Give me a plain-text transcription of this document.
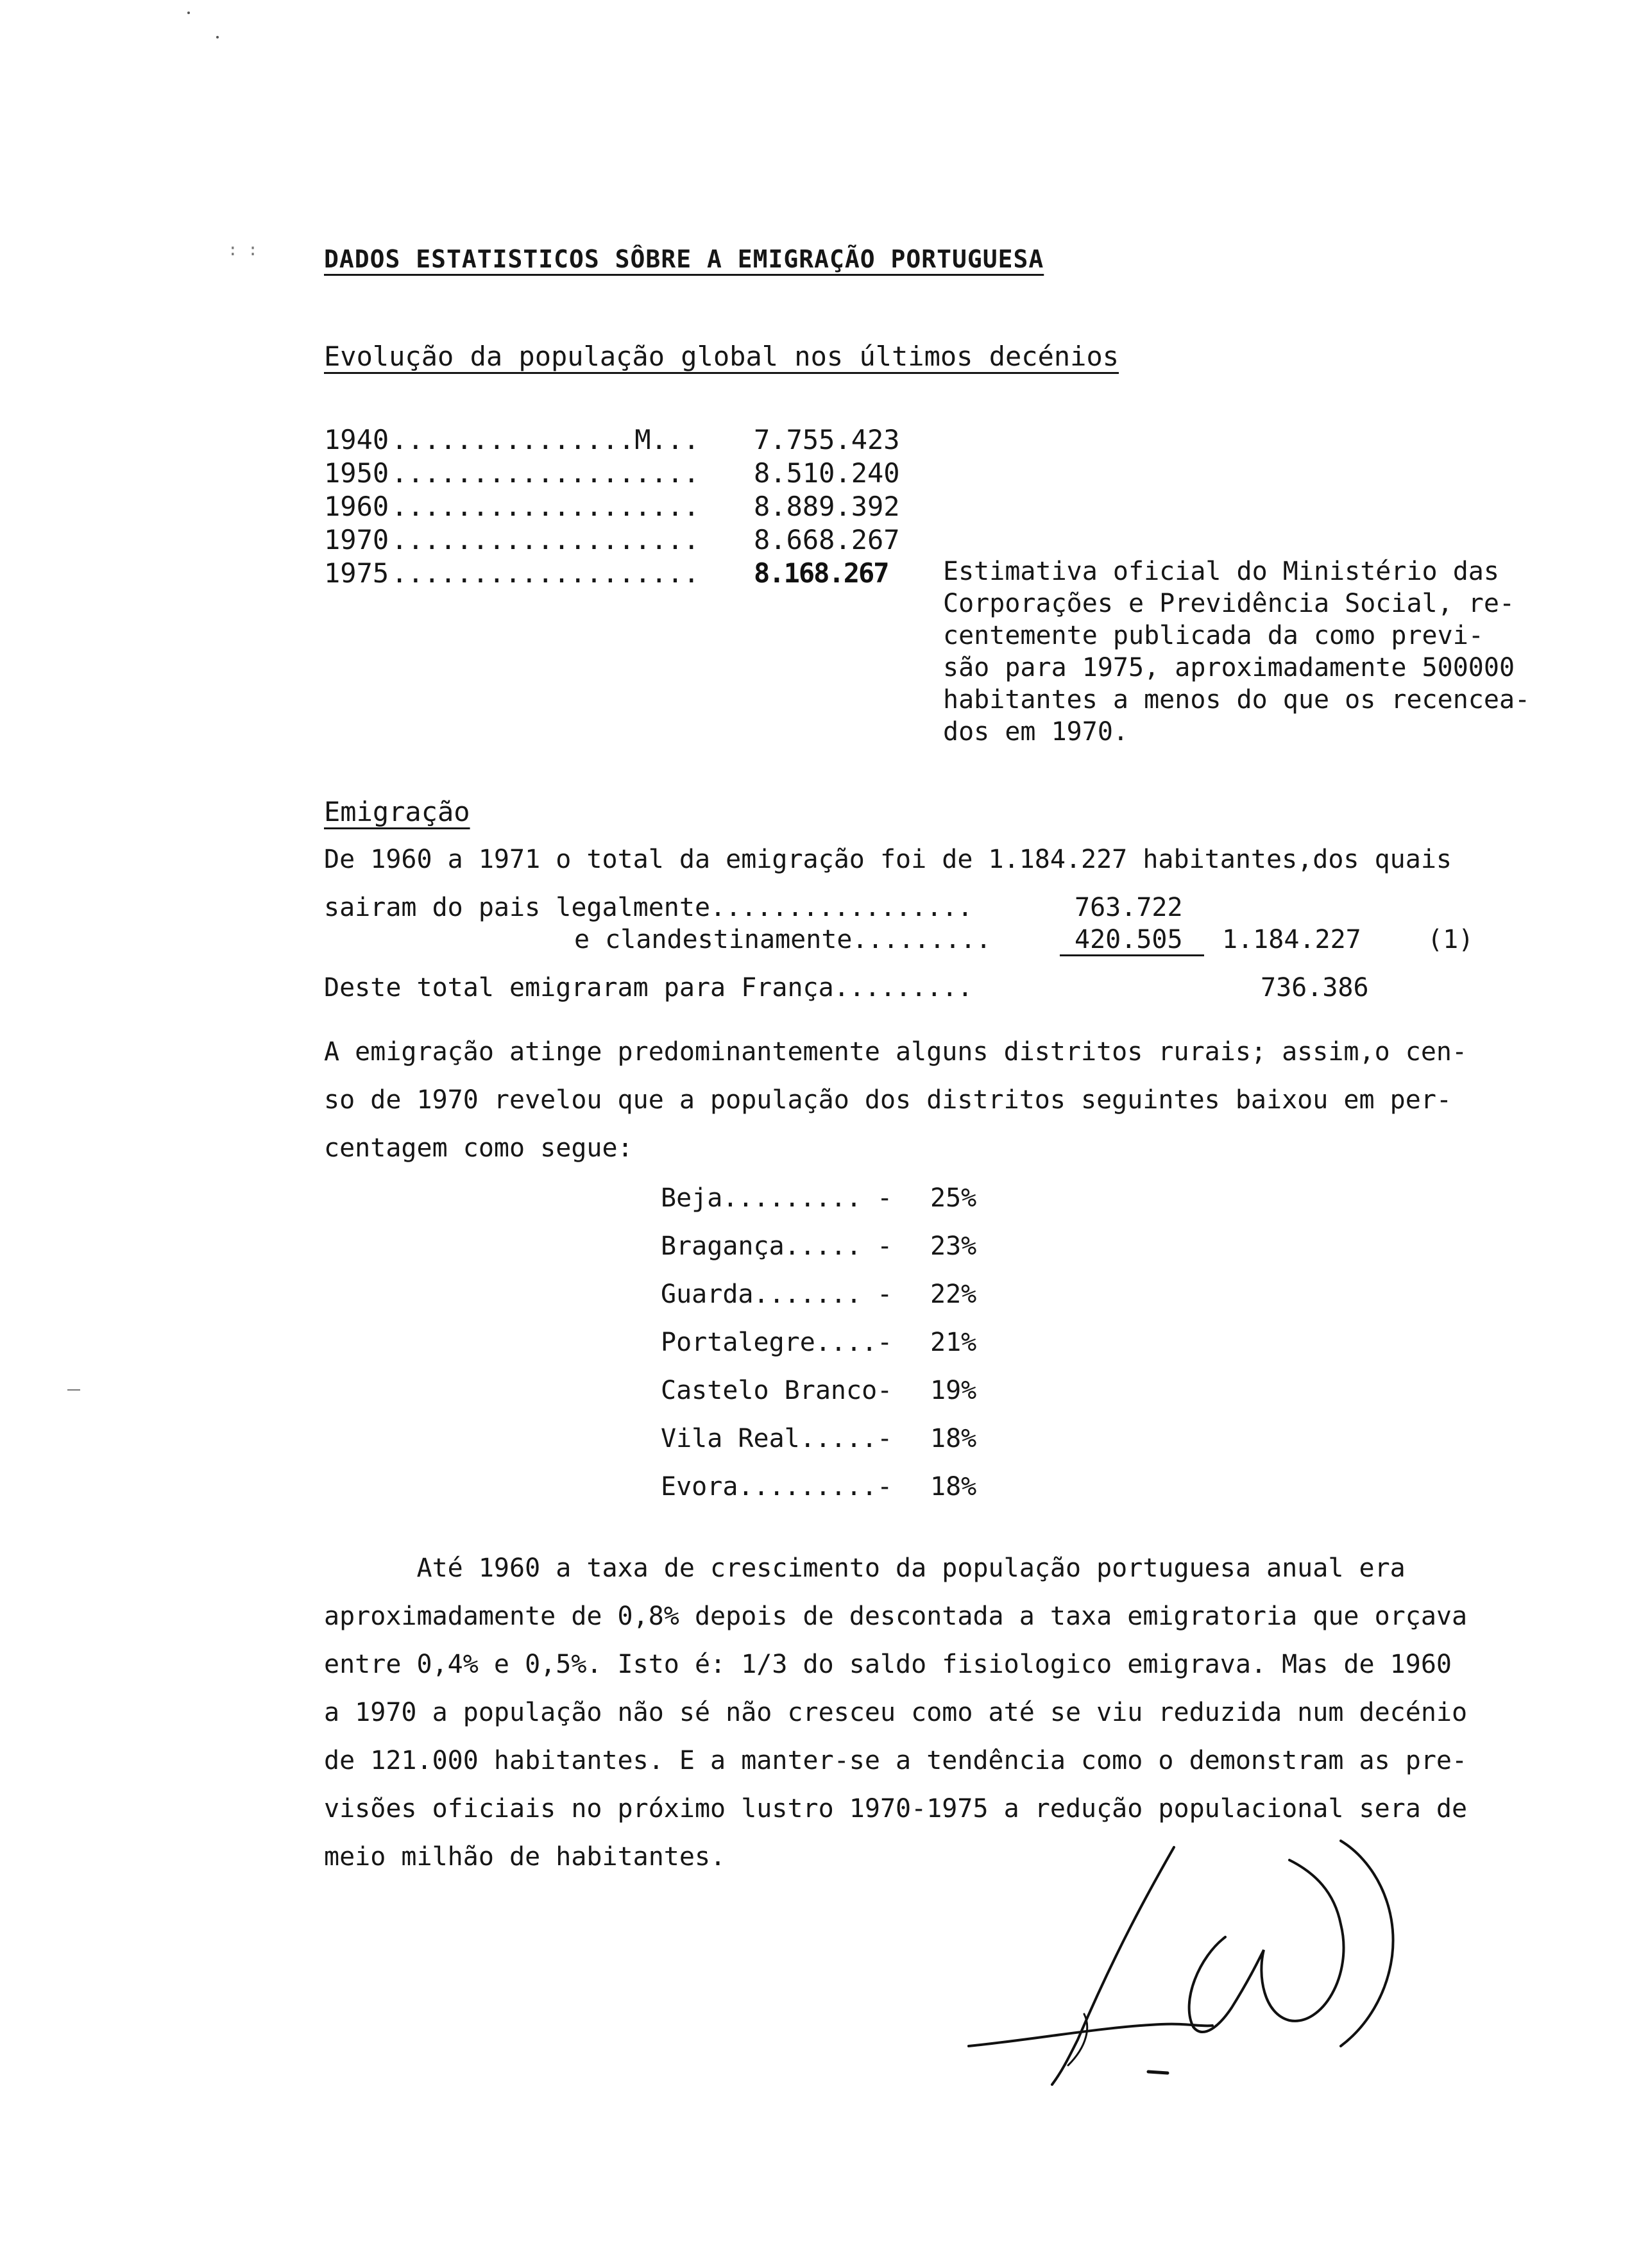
: :	DADOS ESTATISTICOS SÔBRE A EMIGRAÇÃO PORTUGUESA
Evolução da população global nos últimos decénios
1940 ...............M... 7.755.423
1950 ................... 8.510.240
1960 ................... 8.889.392
1970 ................... 8.668.267
1975 ................... 8.168.267 Estimativa oficial do Ministério das
Corporações e Previdência Social, re-
centemente publicada da como previ-
são para 1975, aproximadamente 500000
habitantes a menos do que os recencea-
dos em 1970.
Emigração
De 1960 a 1971 o total da emigração foi de 1.184.227 habitantes,dos quais
sairam do pais legalmente.................	763.722
e clandestinamente.........	420.505 1.184.227	(1)
Deste total emigraram para França.........	736.386
A emigração atinge predominantemente alguns distritos rurais; assim,o cen-
so de 1970 revelou que a população dos distritos seguintes baixou em per-
centagem como segue:
Beja......... - 25%
Bragança..... - 23%
Guarda....... - 22%
Portalegre....- 21%
Castelo Branco- 19%
Vila Real.....- 18%
Evora.........- 18%
Até 1960 a taxa de crescimento da população portuguesa anual era
aproximadamente de 0,8% depois de descontada a taxa emigratoria que orçava
entre 0,4% e 0,5%. Isto é: 1/3 do saldo fisiologico emigrava. Mas de 1960
a 1970 a população não sé não cresceu como até se viu reduzida num decénio
de 121.000 habitantes. E a manter-se a tendência como o demonstram as pre-
visões oficiais no próximo lustro 1970-1975 a redução populacional sera de
meio milhão de habitantes.
